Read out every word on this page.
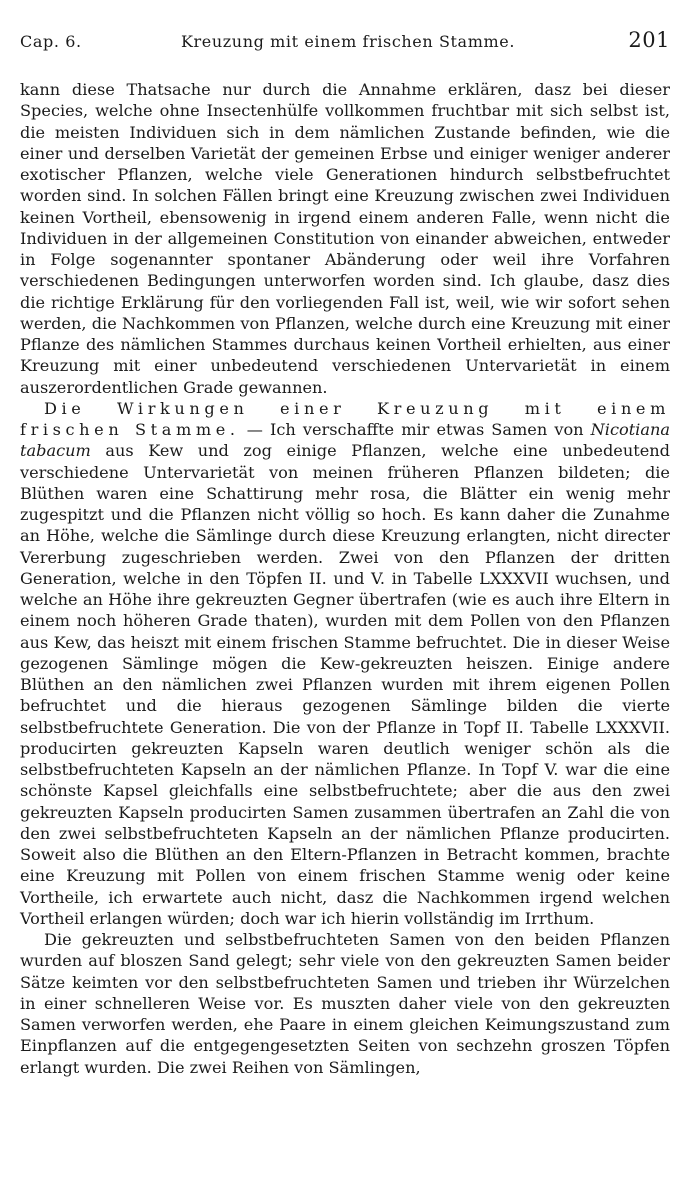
Cap. 6.	Kreuzung mit einem frischen Stamme.	201

kann diese Thatsache nur durch die Annahme erklären, dasz bei dieser Species, welche ohne Insectenhülfe vollkommen fruchtbar mit sich selbst ist, die meisten Individuen sich in dem nämlichen Zustande befinden, wie die einer und derselben Varietät der gemeinen Erbse und einiger weniger anderer exotischer Pflanzen, welche viele Generationen hindurch selbstbefruchtet worden sind. In solchen Fällen bringt eine Kreuzung zwischen zwei Individuen keinen Vortheil, ebensowenig in irgend einem anderen Falle, wenn nicht die Individuen in der allgemeinen Constitution von einander abweichen, entweder in Folge sogenannter spontaner Abänderung oder weil ihre Vorfahren verschiedenen Bedingungen unterworfen worden sind. Ich glaube, dasz dies die richtige Erklärung für den vorliegenden Fall ist, weil, wie wir sofort sehen werden, die Nachkommen von Pflanzen, welche durch eine Kreuzung mit einer Pflanze des nämlichen Stammes durchaus keinen Vortheil erhielten, aus einer Kreuzung mit einer unbedeutend verschiedenen Untervarietät in einem auszerordentlichen Grade gewannen.

Die Wirkungen einer Kreuzung mit einem frischen Stamme. — Ich verschaffte mir etwas Samen von Nicotiana tabacum aus Kew und zog einige Pflanzen, welche eine unbedeutend verschiedene Untervarietät von meinen früheren Pflanzen bildeten; die Blüthen waren eine Schattirung mehr rosa, die Blätter ein wenig mehr zugespitzt und die Pflanzen nicht völlig so hoch. Es kann daher die Zunahme an Höhe, welche die Sämlinge durch diese Kreuzung erlangten, nicht directer Vererbung zugeschrieben werden. Zwei von den Pflanzen der dritten Generation, welche in den Töpfen II. und V. in Tabelle LXXXVII wuchsen, und welche an Höhe ihre gekreuzten Gegner übertrafen (wie es auch ihre Eltern in einem noch höheren Grade thaten), wurden mit dem Pollen von den Pflanzen aus Kew, das heiszt mit einem frischen Stamme befruchtet. Die in dieser Weise gezogenen Sämlinge mögen die Kew-gekreuzten heiszen. Einige andere Blüthen an den nämlichen zwei Pflanzen wurden mit ihrem eigenen Pollen befruchtet und die hieraus gezogenen Sämlinge bilden die vierte selbstbefruchtete Generation. Die von der Pflanze in Topf II. Tabelle LXXXVII. producirten gekreuzten Kapseln waren deutlich weniger schön als die selbstbefruchteten Kapseln an der nämlichen Pflanze. In Topf V. war die eine schönste Kapsel gleichfalls eine selbstbefruchtete; aber die aus den zwei gekreuzten Kapseln producirten Samen zusammen übertrafen an Zahl die von den zwei selbstbefruchteten Kapseln an der nämlichen Pflanze producirten. Soweit also die Blüthen an den Eltern-Pflanzen in Betracht kommen, brachte eine Kreuzung mit Pollen von einem frischen Stamme wenig oder keine Vortheile, ich erwartete auch nicht, dasz die Nachkommen irgend welchen Vortheil erlangen würden; doch war ich hierin vollständig im Irrthum.

Die gekreuzten und selbstbefruchteten Samen von den beiden Pflanzen wurden auf bloszen Sand gelegt; sehr viele von den gekreuzten Samen beider Sätze keimten vor den selbstbefruchteten Samen und trieben ihr Würzelchen in einer schnelleren Weise vor. Es muszten daher viele von den gekreuzten Samen verworfen werden, ehe Paare in einem gleichen Keimungszustand zum Einpflanzen auf die entgegengesetzten Seiten von sechzehn groszen Töpfen erlangt wurden. Die zwei Reihen von Sämlingen,
